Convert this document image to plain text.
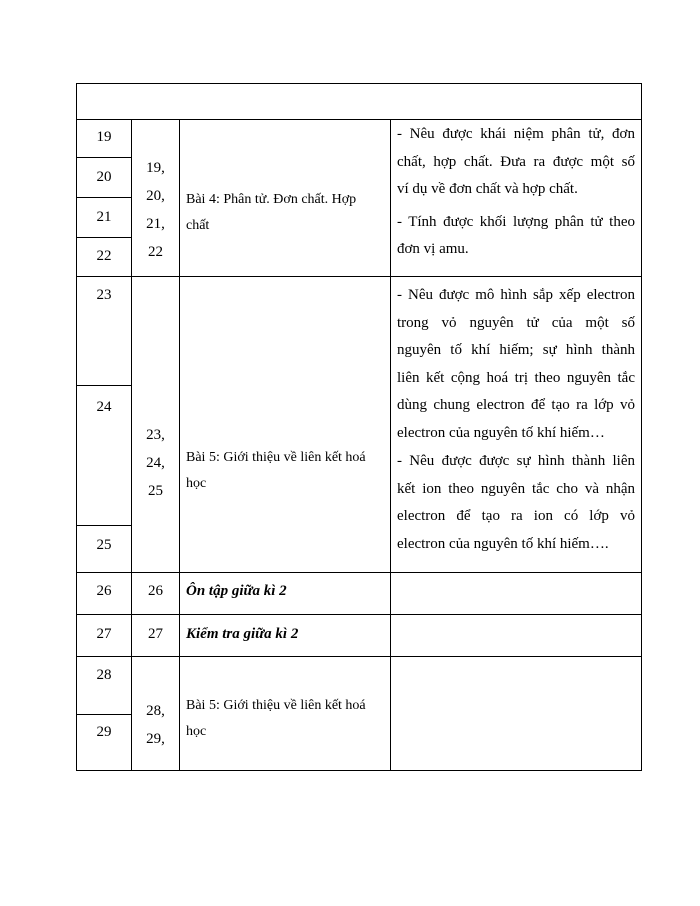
19
20
21
22
23
24
25
26
27
28
29
19,
20,
21,
22
23,
24,
25
26
27
28,
29,
Bài 4: Phân tử. Đơn chất. Hợp
chất
Bài 5: Giới thiệu về liên kết hoá
học
Ôn tập giữa kì 2
Kiểm tra giữa kì 2
Bài 5: Giới thiệu về liên kết hoá
học

- Nêu được khái niệm phân tử, đơn

chất, hợp chất. Đưa ra được một số

ví dụ về đơn chất và hợp chất.

- Tính được khối lượng phân tử theo

đơn vị amu.

- Nêu được mô hình sắp xếp electron

trong vỏ nguyên tử của một số

nguyên tố khí hiếm; sự hình thành

liên kết cộng hoá trị theo nguyên tắc

dùng chung electron để tạo ra lớp vỏ

electron của nguyên tố khí hiếm…

- Nêu được được sự hình thành liên

kết ion theo nguyên tắc cho và nhận

electron để tạo ra ion có lớp vỏ

electron của nguyên tố khí hiếm….
